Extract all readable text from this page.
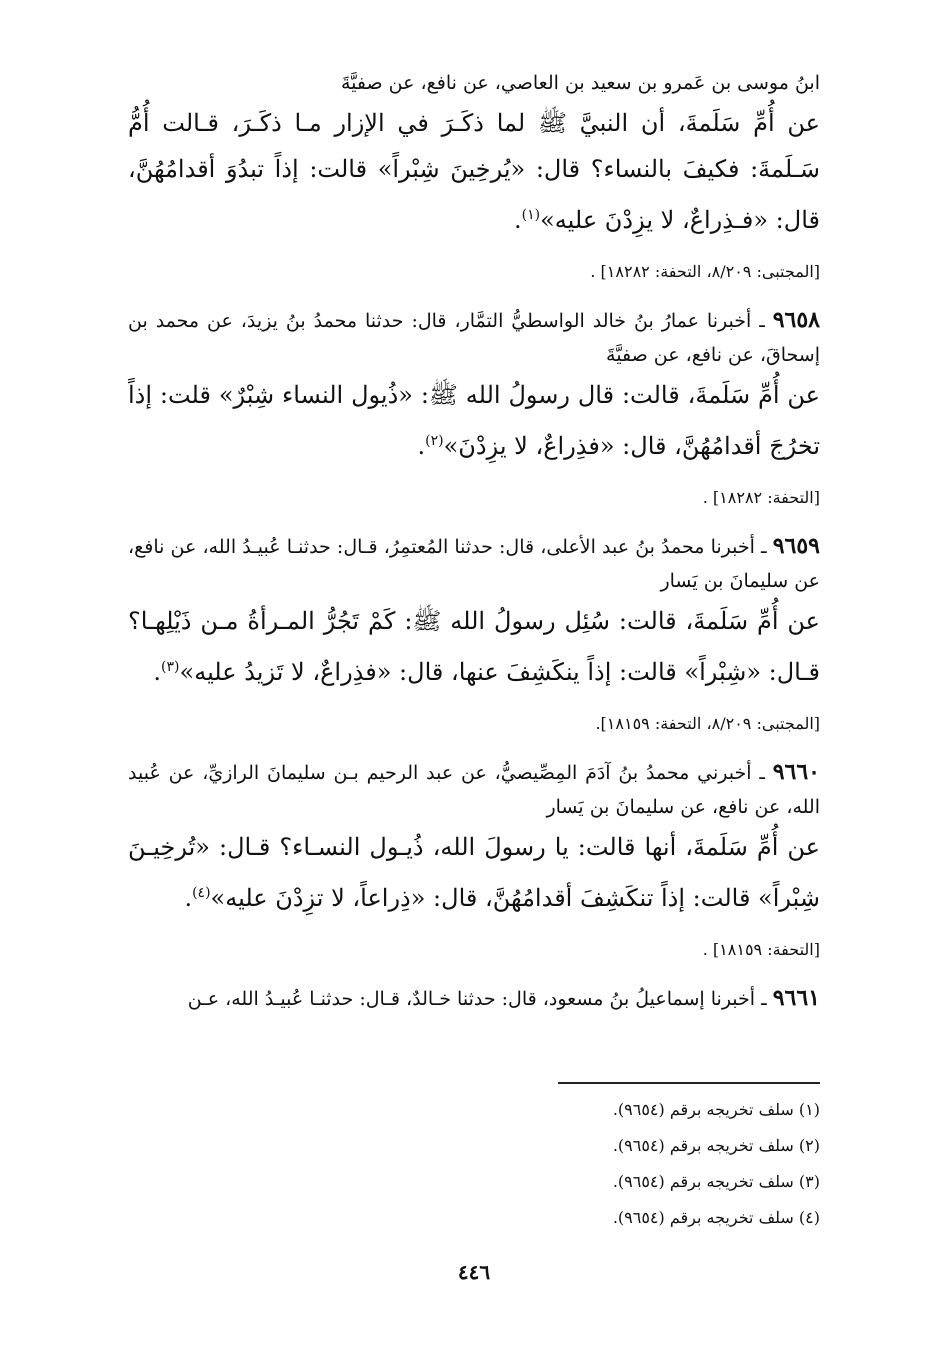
ابنُ موسى بن عَمرو بن سعيد بن العاصي، عن نافع، عن صفيَّةَ

عن أُمِّ سَلَمةَ، أن النبيَّ ﷺ لما ذكَـرَ في الإزار مـا ذكَـرَ، قـالت أُمُّ سَـلَمةَ: فكيفَ بالنساء؟ قال: «يُرخِينَ شِبْراً» قالت: إذاً تبدُوَ أقدامُهُنَّ، قال: «فـذِراعٌ، لا يزِدْنَ عليه»$^{(١)}$.

[المجتبى: ٨/٢٠٩، التحفة: ١٨٢٨٢] .

٩٦٥٨ ـ أخبرنا عمارُ بنُ خالد الواسطيُّ التمَّار، قال: حدثنا محمدُ بنُ يزيدَ، عن محمد بن إسحاقَ، عن نافع، عن صفيَّةَ

عن أُمِّ سَلَمةَ، قالت: قال رسولُ الله ﷺ: «ذُيول النساء شِبْرٌ» قلت: إذاً تخرُجَ أقدامُهُنَّ، قال: «فذِراعٌ، لا يزِدْنَ»$^{(٢)}$.

[التحفة: ١٨٢٨٢] .

٩٦٥٩ ـ أخبرنا محمدُ بنُ عبد الأعلى، قال: حدثنا المُعتمِرُ، قـال: حدثنـا عُبيـدُ الله، عن نافع، عن سليمانَ بن يَسار

عن أُمِّ سَلَمةَ، قالت: سُئِل رسولُ الله ﷺ: كَمْ تَجُرُّ المـرأةُ مـن ذَيْلِهـا؟ قـال: «شِبْراً» قالت: إذاً ينكَشِفَ عنها، قال: «فذِراعٌ، لا تَزيدُ عليه»$^{(٣)}$.

[المجتبى: ٨/٢٠٩، التحفة: ١٨١٥٩].

٩٦٦٠ ـ أخبرني محمدُ بنُ آدَمَ المِصِّيصيُّ، عن عبد الرحيم بـن سليمانَ الرازيِّ، عن عُبيد الله، عن نافع، عن سليمانَ بن يَسار

عن أُمِّ سَلَمةَ، أنها قالت: يا رسولَ الله، ذُيـول النسـاء؟ قـال: «تُرخِيـنَ شِبْراً» قالت: إذاً تنكَشِفَ أقدامُهُنَّ، قال: «ذِراعاً، لا تزِدْنَ عليه»$^{(٤)}$.

[التحفة: ١٨١٥٩] .

٩٦٦١ ـ أخبرنا إسماعيلُ بنُ مسعود، قال: حدثنا خـالدٌ، قـال: حدثنـا عُبيـدُ الله، عـن

(١) سلف تخريجه برقم (٩٦٥٤).
(٢) سلف تخريجه برقم (٩٦٥٤).
(٣) سلف تخريجه برقم (٩٦٥٤).
(٤) سلف تخريجه برقم (٩٦٥٤).
٤٤٦
